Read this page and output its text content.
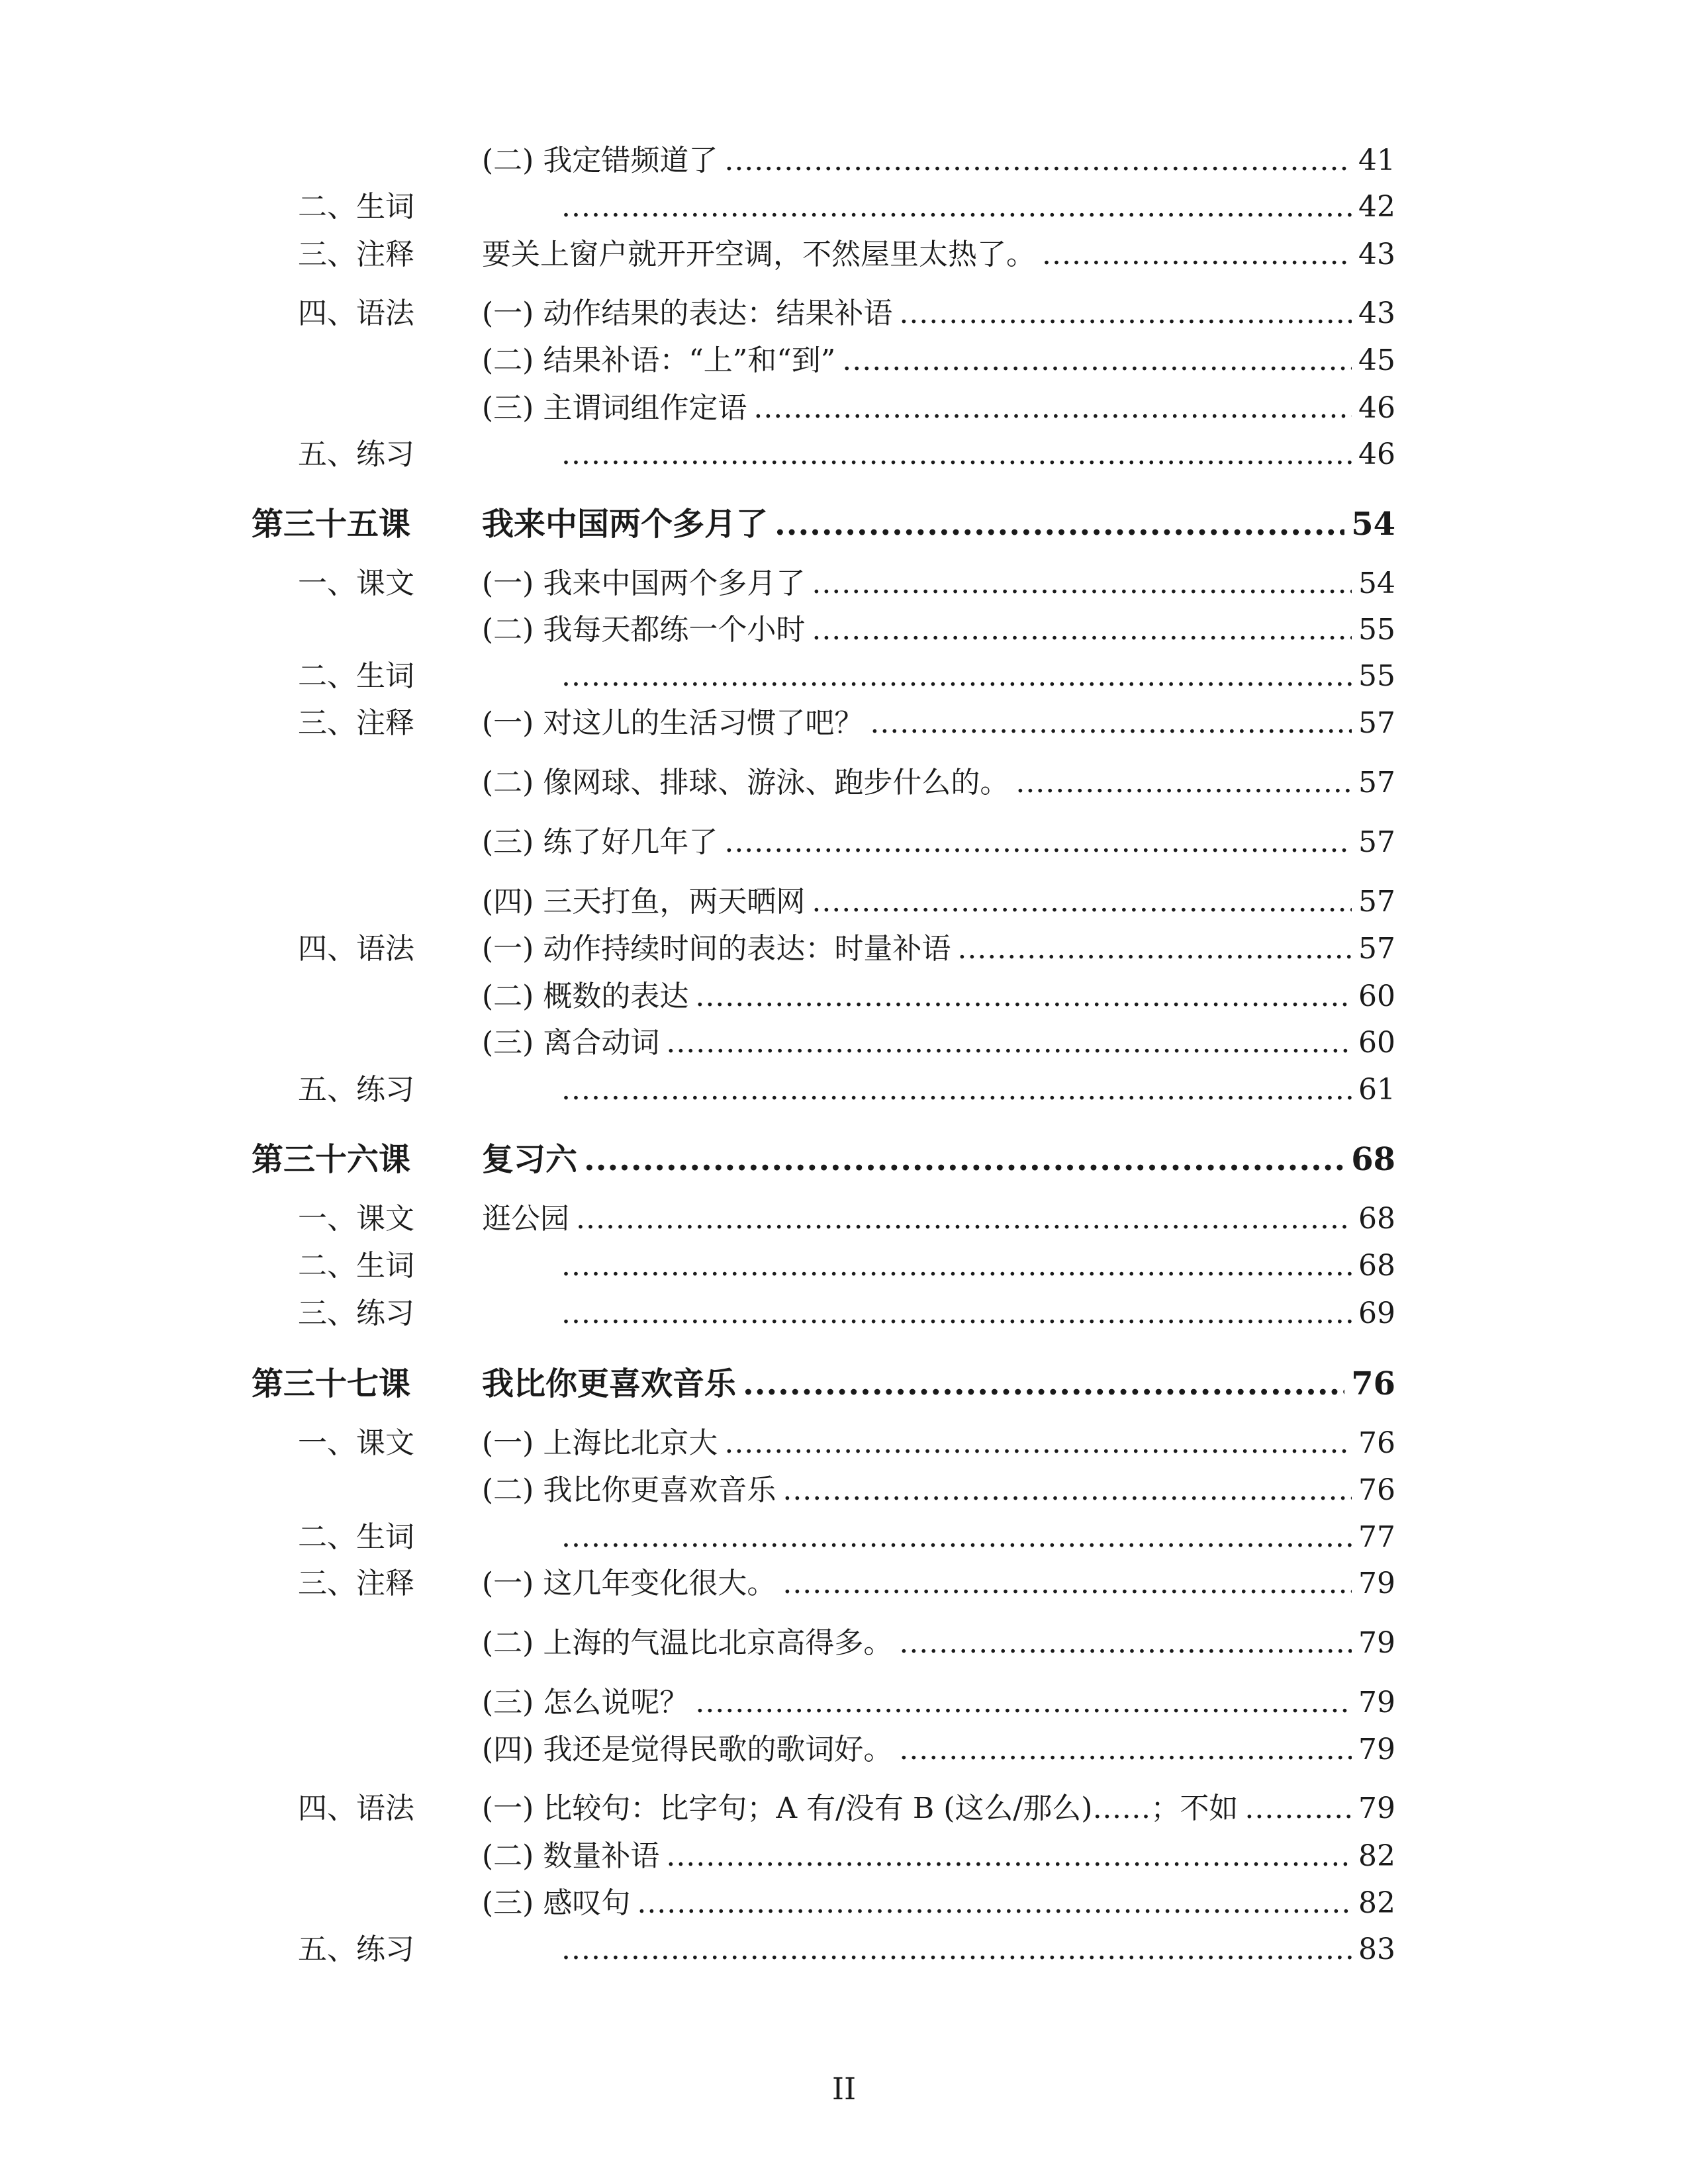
(二) 我定错频道了 .....	41
二、生词 .....	42
三、注释	要关上窗户就开开空调，不然屋里太热了。 .....	43
四、语法	(一) 动作结果的表达：结果补语 .....	43
(二) 结果补语：“上”和“到” .....	45
(三) 主谓词组作定语 .....	46
五、练习 .....	46
第三十五课	我来中国两个多月了 .....	54
一、课文	(一) 我来中国两个多月了 .....	54
(二) 我每天都练一个小时 .....	55
二、生词 .....	55
三、注释	(一) 对这儿的生活习惯了吧？ .....	57
(二) 像网球、排球、游泳、跑步什么的。 .....	57
(三) 练了好几年了 .....	57
(四) 三天打鱼，两天晒网 .....	57
四、语法	(一) 动作持续时间的表达：时量补语 .....	57
(二) 概数的表达 .....	60
(三) 离合动词 .....	60
五、练习 .....	61
第三十六课	复习六 .....	68
一、课文	逛公园 .....	68
二、生词 .....	68
三、练习 .....	69
第三十七课	我比你更喜欢音乐 .....	76
一、课文	(一) 上海比北京大 .....	76
(二) 我比你更喜欢音乐 .....	76
二、生词 .....	77
三、注释	(一) 这几年变化很大。 .....	79
(二) 上海的气温比北京高得多。 .....	79
(三) 怎么说呢？ .....	79
(四) 我还是觉得民歌的歌词好。 .....	79
四、语法	(一) 比较句：比字句；A 有/没有 B (这么/那么)……；不如 .....	79
(二) 数量补语 .....	82
(三) 感叹句 .....	82
五、练习 .....	83
II
